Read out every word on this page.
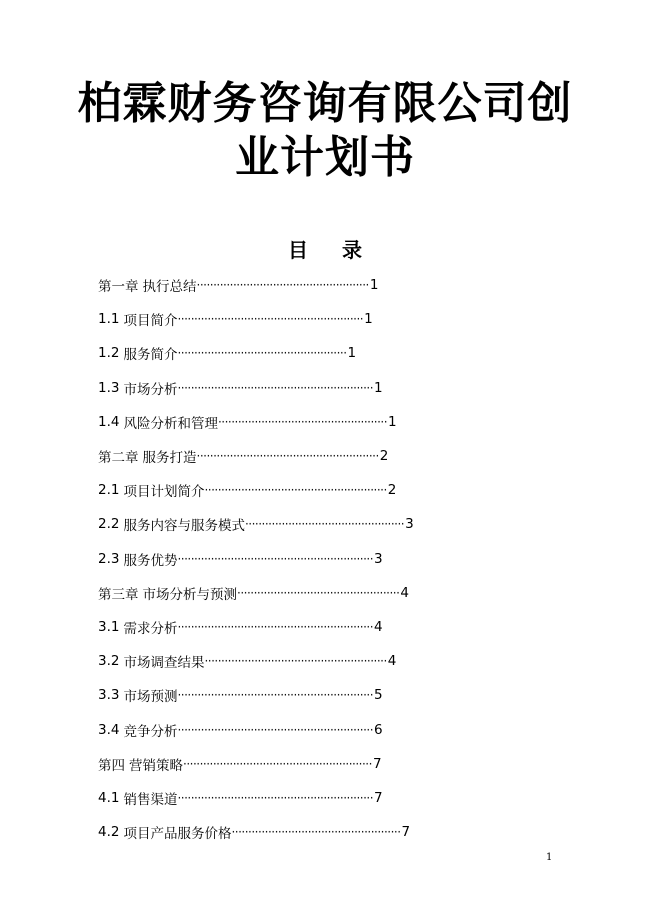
柏霖财务咨询有限公司创
业计划书
目 录
第一章 执行总结 ···················································· 1
1.1 项目简介 ························································ 1
1.2 服务简介 ··················································· 1
1.3 市场分析 ··························································· 1
1.4 风险分析和管理 ··················································· 1
第二章 服务打造 ······················································· 2
2.1 项目计划简介 ······················································· 2
2.2 服务内容与服务模式 ················································ 3
2.3 服务优势 ··························································· 3
第三章 市场分析与预测 ················································· 4
3.1 需求分析 ··························································· 4
3.2 市场调查结果 ······················································· 4
3.3 市场预测 ··························································· 5
3.4 竞争分析 ··························································· 6
第四 营销策略 ························································· 7
4.1 销售渠道 ··························································· 7
4.2 项目产品服务价格 ··················································· 7
1
